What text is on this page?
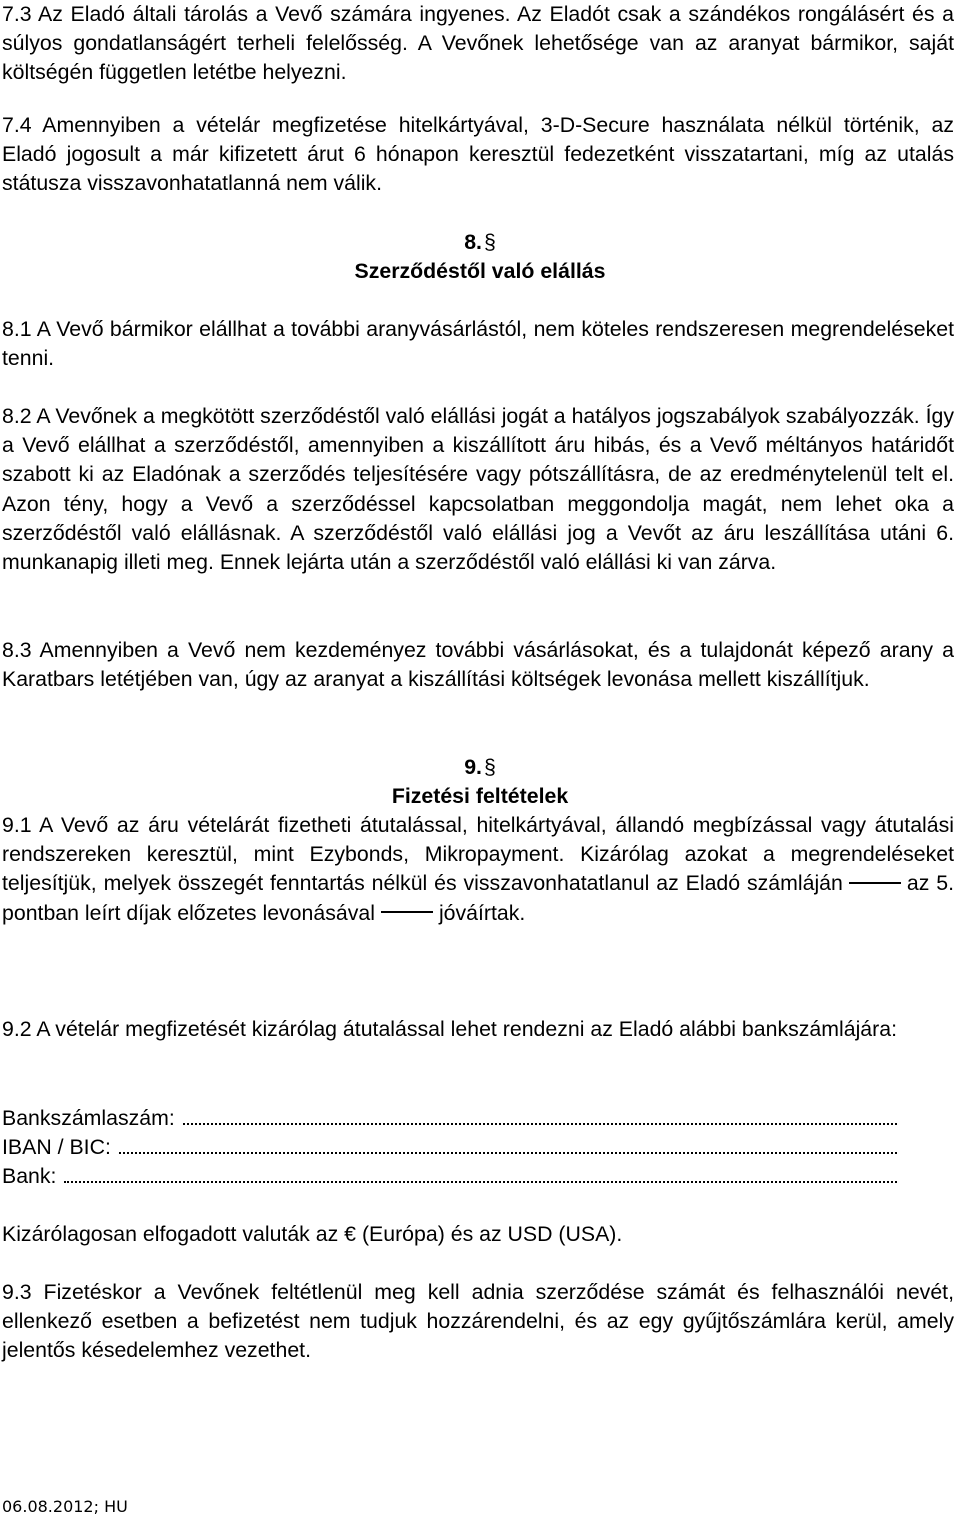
7.3 Az Eladó általi tárolás a Vevő számára ingyenes. Az Eladót csak a szándékos rongálásért és a súlyos gondatlanságért terheli felelősség. A Vevőnek lehetősége van az aranyat bármikor, saját költségén független letétbe helyezni.

7.4 Amennyiben a vételár megfizetése hitelkártyával, 3-D-Secure használata nélkül történik, az Eladó jogosult a már kifizetett árut 6 hónapon keresztül fedezetként visszatartani, míg az utalás státusza visszavonhatatlanná nem válik.

8.§

Szerződéstől való elállás

8.1 A Vevő bármikor elállhat a további aranyvásárlástól, nem köteles rendszeresen megrendeléseket tenni.

8.2 A Vevőnek a megkötött szerződéstől való elállási jogát a hatályos jogszabályok szabályozzák. Így a Vevő elállhat a szerződéstől, amennyiben a kiszállított áru hibás, és a Vevő méltányos határidőt szabott ki az Eladónak a szerződés teljesítésére vagy pótszállításra, de az eredménytelenül telt el. Azon tény, hogy a Vevő a szerződéssel kapcsolatban meggondolja magát, nem lehet oka a szerződéstől való elállásnak. A szerződéstől való elállási jog a Vevőt az áru leszállítása utáni 6. munkanapig illeti meg. Ennek lejárta után a szerződéstől való elállási ki van zárva.

8.3 Amennyiben a Vevő nem kezdeményez további vásárlásokat, és a tulajdonát képező arany a Karatbars letétjében van, úgy az aranyat a kiszállítási költségek levonása mellett kiszállítjuk.

9.§

Fizetési feltételek

9.1 A Vevő az áru vételárát fizetheti átutalással, hitelkártyával, állandó megbízással vagy átutalási rendszereken keresztül, mint Ezybonds, Mikropayment. Kizárólag azokat a megrendeléseket teljesítjük, melyek összegét fenntartás nélkül és visszavonhatatlanul az Eladó számláján	az 5. pontban leírt díjak előzetes levonásával	jóváírtak.

9.2 A vételár megfizetését kizárólag átutalással lehet rendezni az Eladó alábbi bankszámlájára:

Bankszámlaszám:
IBAN / BIC:
Bank:

Kizárólagosan elfogadott valuták az € (Európa) és az USD (USA).

9.3 Fizetéskor a Vevőnek feltétlenül meg kell adnia szerződése számát és felhasználói nevét, ellenkező esetben a befizetést nem tudjuk hozzárendelni, és az egy gyűjtőszámlára kerül, amely jelentős késedelemhez vezethet.

06.08.2012; HU
